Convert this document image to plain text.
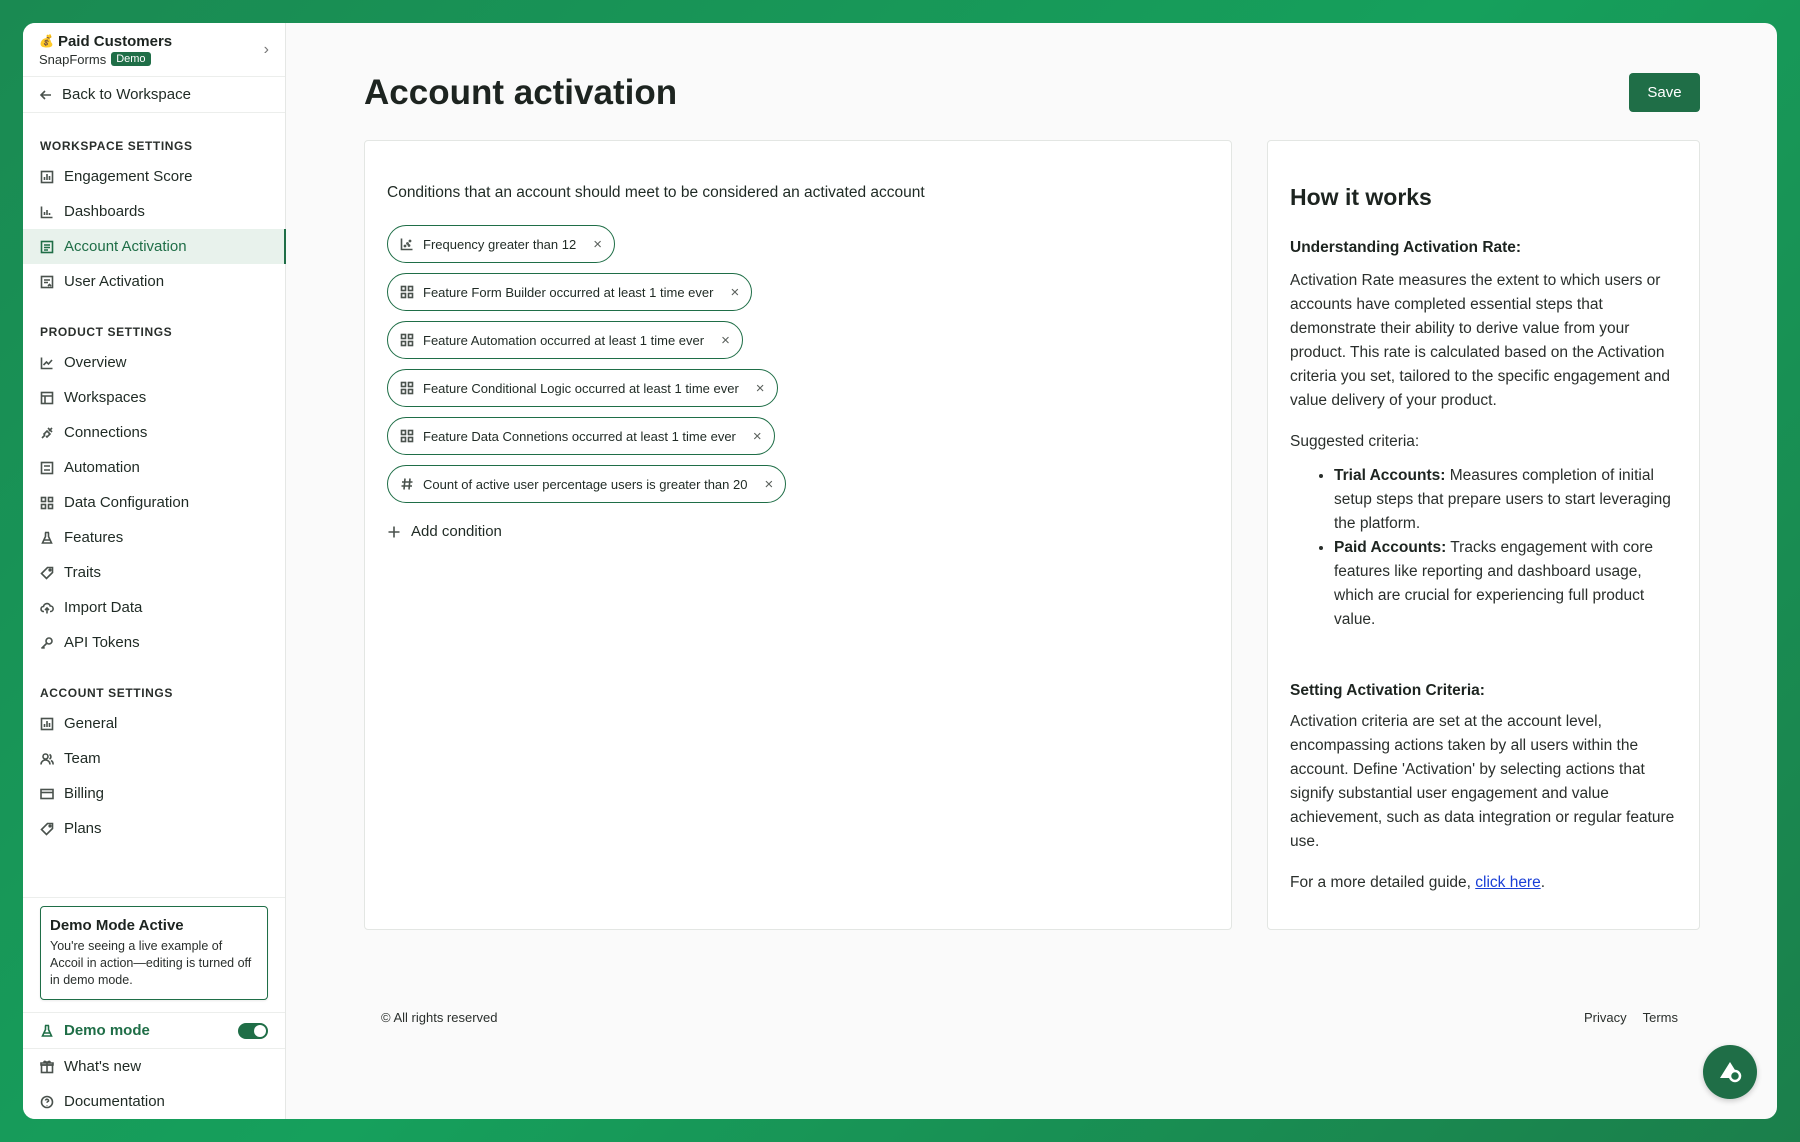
💰 Paid Customers
SnapForms Demo
›
Back to Workspace
WORKSPACE SETTINGS
Engagement Score
Dashboards
Account Activation
User Activation
PRODUCT SETTINGS
Overview
Workspaces
Connections
Automation
Data Configuration
Features
Traits
Import Data
API Tokens
ACCOUNT SETTINGS
General
Team
Billing
Plans
Demo Mode Active
You're seeing a live example of Accoil in action—editing is turned off in demo mode.
Demo mode
What's new
Documentation
Account activation	Save
Conditions that an account should meet to be considered an activated account
Frequency greater than 12 ×
Feature Form Builder occurred at least 1 time ever ×
Feature Automation occurred at least 1 time ever ×
Feature Conditional Logic occurred at least 1 time ever ×
Feature Data Connetions occurred at least 1 time ever ×
Count of active user percentage users is greater than 20 ×
Add condition
How it works
Understanding Activation Rate:

Activation Rate measures the extent to which users or accounts have completed essential steps that demonstrate their ability to derive value from your product. This rate is calculated based on the Activation criteria you set, tailored to the specific engagement and value delivery of your product.

Suggested criteria:

• Trial Accounts: Measures completion of initial setup steps that prepare users to start leveraging the platform.
• Paid Accounts: Tracks engagement with core features like reporting and dashboard usage, which are crucial for experiencing full product value.
Setting Activation Criteria:

Activation criteria are set at the account level, encompassing actions taken by all users within the account. Define 'Activation' by selecting actions that signify substantial user engagement and value achievement, such as data integration or regular feature use.

For a more detailed guide, click here.

© All rights reserved	Privacy Terms
